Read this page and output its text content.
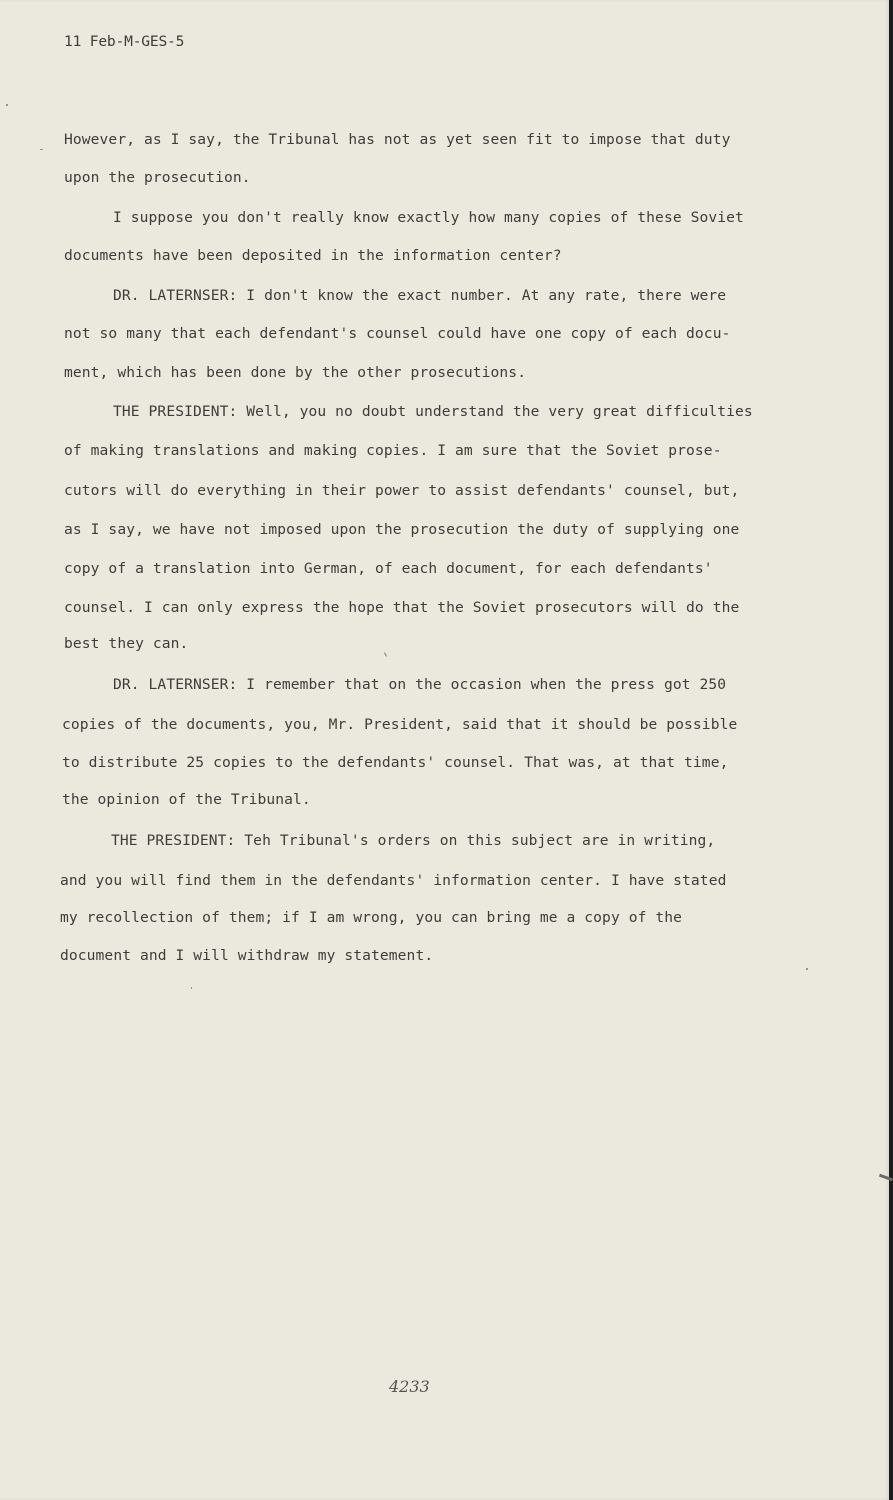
11 Feb-M-GES-5
However, as I say, the Tribunal has not as yet seen fit to impose that duty
upon the prosecution.
I suppose you don't really know exactly how many copies of these Soviet
documents have been deposited in the information center?
DR. LATERNSER: I don't know the exact number. At any rate, there were
not so many that each defendant's counsel could have one copy of each docu-
ment, which has been done by the other prosecutions.
THE PRESIDENT: Well, you no doubt understand the very great difficulties
of making translations and making copies. I am sure that the Soviet prose-
cutors will do everything in their power to assist defendants' counsel, but,
as I say, we have not imposed upon the prosecution the duty of supplying one
copy of a translation into German, of each document, for each defendants'
counsel. I can only express the hope that the Soviet prosecutors will do the
best they can.
DR. LATERNSER: I remember that on the occasion when the press got 250
copies of the documents, you, Mr. President, said that it should be possible
to distribute 25 copies to the defendants' counsel. That was, at that time,
the opinion of the Tribunal.
THE PRESIDENT: Teh Tribunal's orders on this subject are in writing,
and you will find them in the defendants' information center. I have stated
my recollection of them; if I am wrong, you can bring me a copy of the
document and I will withdraw my statement.
4233
